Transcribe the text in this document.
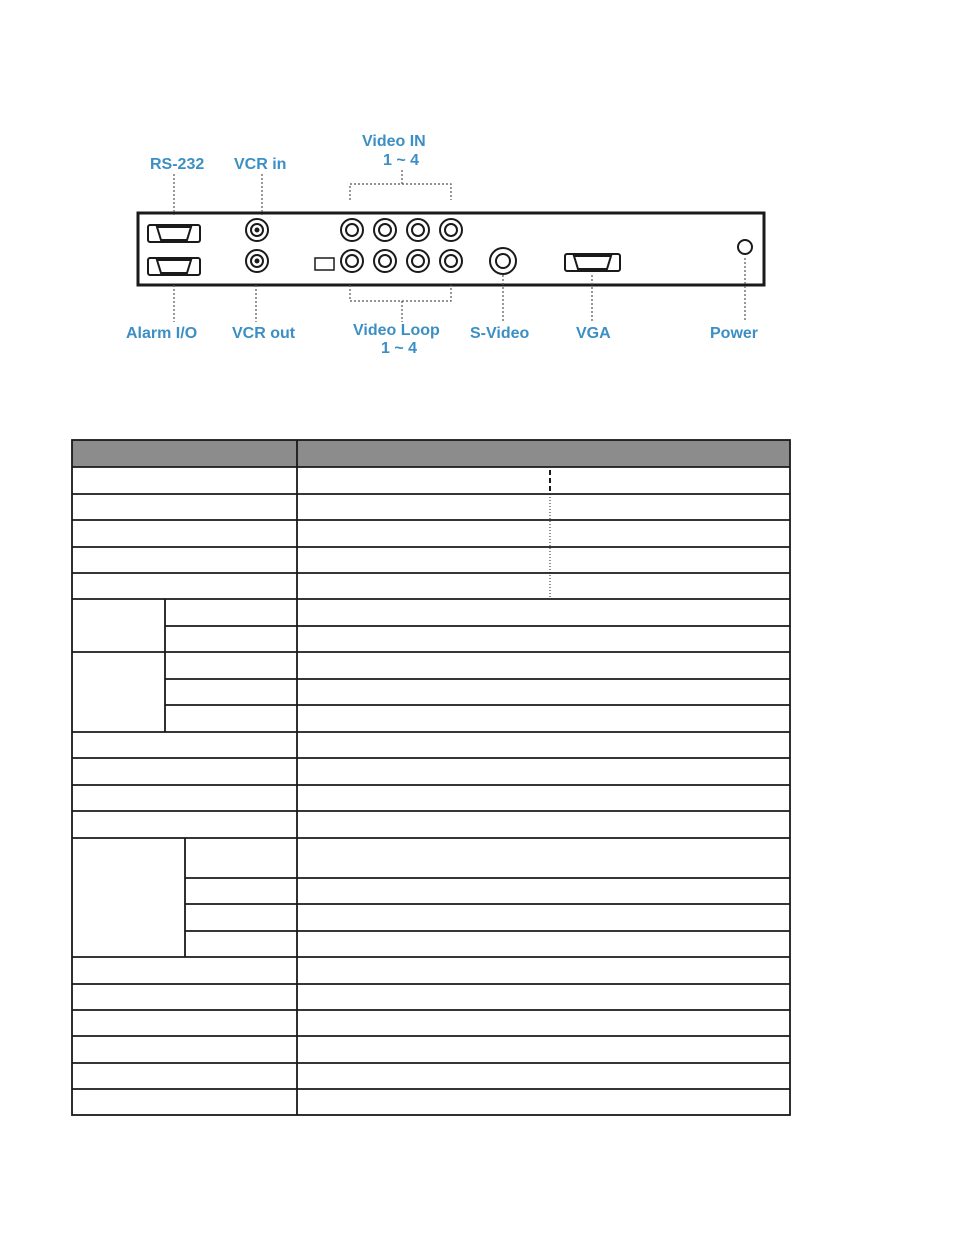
RS-232 VCR in
Video IN
1 ~ 4
Alarm I/O VCR out	Video Loop
1 ~ 4
S-Video	VGA	Power
